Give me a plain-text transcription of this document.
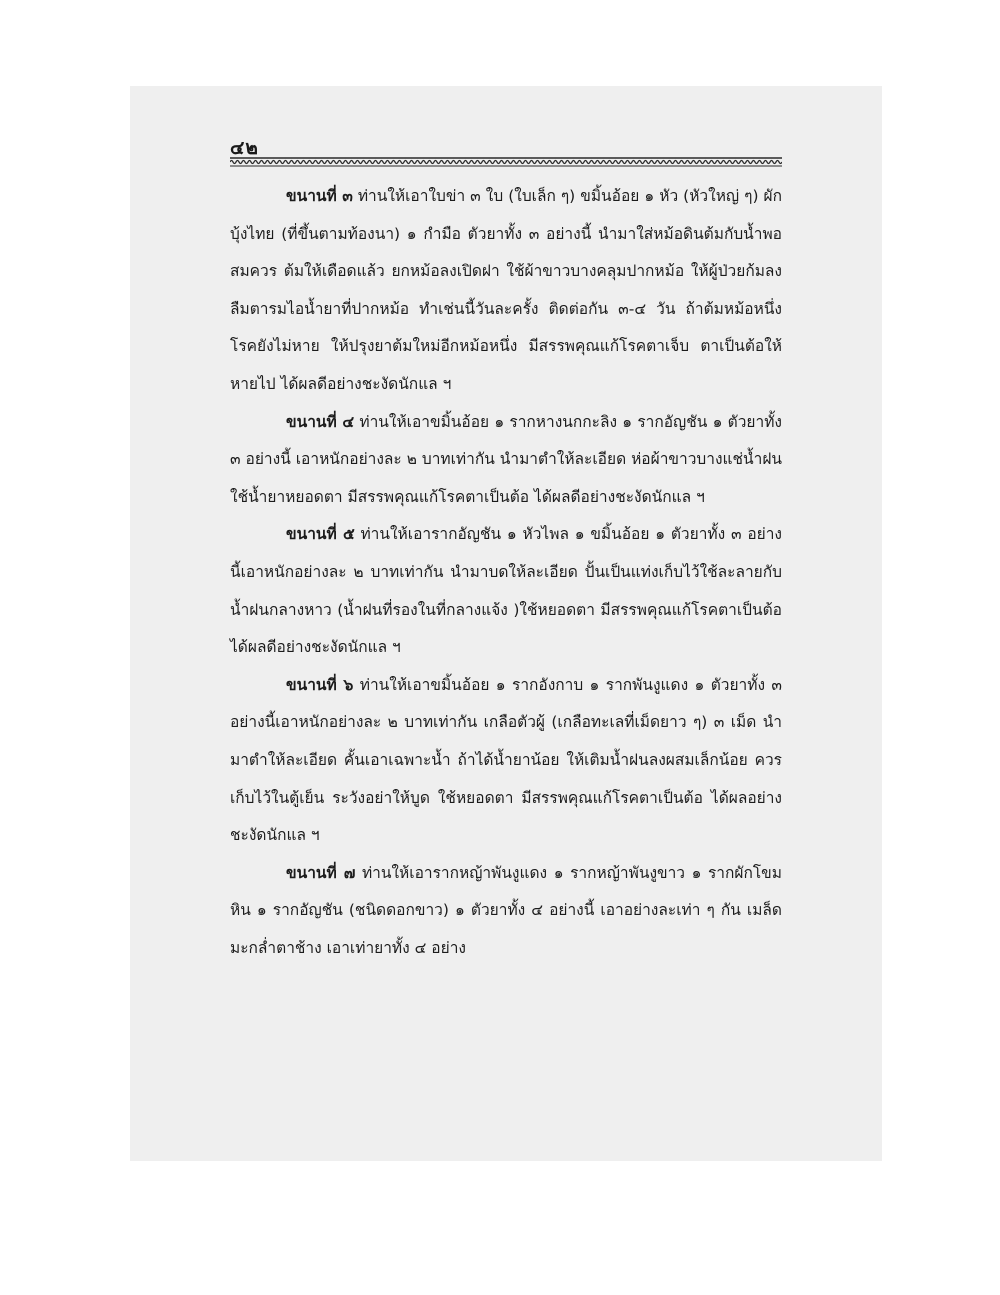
๔๒

ขนานที่ ๓ ท่านให้เอาใบข่า ๓ ใบ (ใบเล็ก ๆ) ขมิ้นอ้อย ๑ หัว (หัวใหญ่ ๆ) ผักบุ้งไทย (ที่ขึ้นตามท้องนา) ๑ กำมือ ตัวยาทั้ง ๓ อย่างนี้ นำมาใส่หม้อดินต้มกับน้ำพอสมควร ต้มให้เดือดแล้ว ยกหม้อลงเปิดฝา ใช้ผ้าขาวบางคลุมปากหม้อ ให้ผู้ป่วยก้มลง ลืมตารมไอน้ำยาที่ปากหม้อ ทำเช่นนี้วันละครั้ง ติดต่อกัน ๓-๔ วัน ถ้าต้มหม้อหนึ่ง โรคยังไม่หาย ให้ปรุงยาต้มใหม่อีกหม้อหนึ่ง มีสรรพคุณแก้โรคตาเจ็บ ตาเป็นต้อให้หายไป ได้ผลดีอย่างชะงัดนักแล ฯ

ขนานที่ ๔ ท่านให้เอาขมิ้นอ้อย ๑ รากหางนกกะลิง ๑ รากอัญชัน ๑ ตัวยาทั้ง ๓ อย่างนี้ เอาหนักอย่างละ ๒ บาทเท่ากัน นำมาตำให้ละเอียด ห่อผ้าขาวบางแช่น้ำฝน ใช้น้ำยาหยอดตา มีสรรพคุณแก้โรคตาเป็นต้อ ได้ผลดีอย่างชะงัดนักแล ฯ

ขนานที่ ๕ ท่านให้เอารากอัญชัน ๑ หัวไพล ๑ ขมิ้นอ้อย ๑ ตัวยาทั้ง ๓ อย่างนี้เอาหนักอย่างละ ๒ บาทเท่ากัน นำมาบดให้ละเอียด ปั้นเป็นแท่งเก็บไว้ใช้ละลายกับน้ำฝนกลางหาว (น้ำฝนที่รองในที่กลางแจ้ง )ใช้หยอดตา มีสรรพคุณแก้โรคตาเป็นต้อ ได้ผลดีอย่างชะงัดนักแล ฯ

ขนานที่ ๖ ท่านให้เอาขมิ้นอ้อย ๑ รากอังกาบ ๑ รากพันงูแดง ๑ ตัวยาทั้ง ๓ อย่างนี้เอาหนักอย่างละ ๒ บาทเท่ากัน เกลือตัวผู้ (เกลือทะเลที่เม็ดยาว ๆ) ๓ เม็ด นำมาตำให้ละเอียด คั้นเอาเฉพาะน้ำ ถ้าได้น้ำยาน้อย ให้เติมน้ำฝนลงผสมเล็กน้อย ควรเก็บไว้ในตู้เย็น ระวังอย่าให้บูด ใช้หยอดตา มีสรรพคุณแก้โรคตาเป็นต้อ ได้ผลอย่างชะงัดนักแล ฯ

ขนานที่ ๗ ท่านให้เอารากหญ้าพันงูแดง ๑ รากหญ้าพันงูขาว ๑ รากผักโขมหิน ๑ รากอัญชัน (ชนิดดอกขาว) ๑ ตัวยาทั้ง ๔ อย่างนี้ เอาอย่างละเท่า ๆ กัน เมล็ดมะกล่ำตาช้าง เอาเท่ายาทั้ง ๔ อย่าง
